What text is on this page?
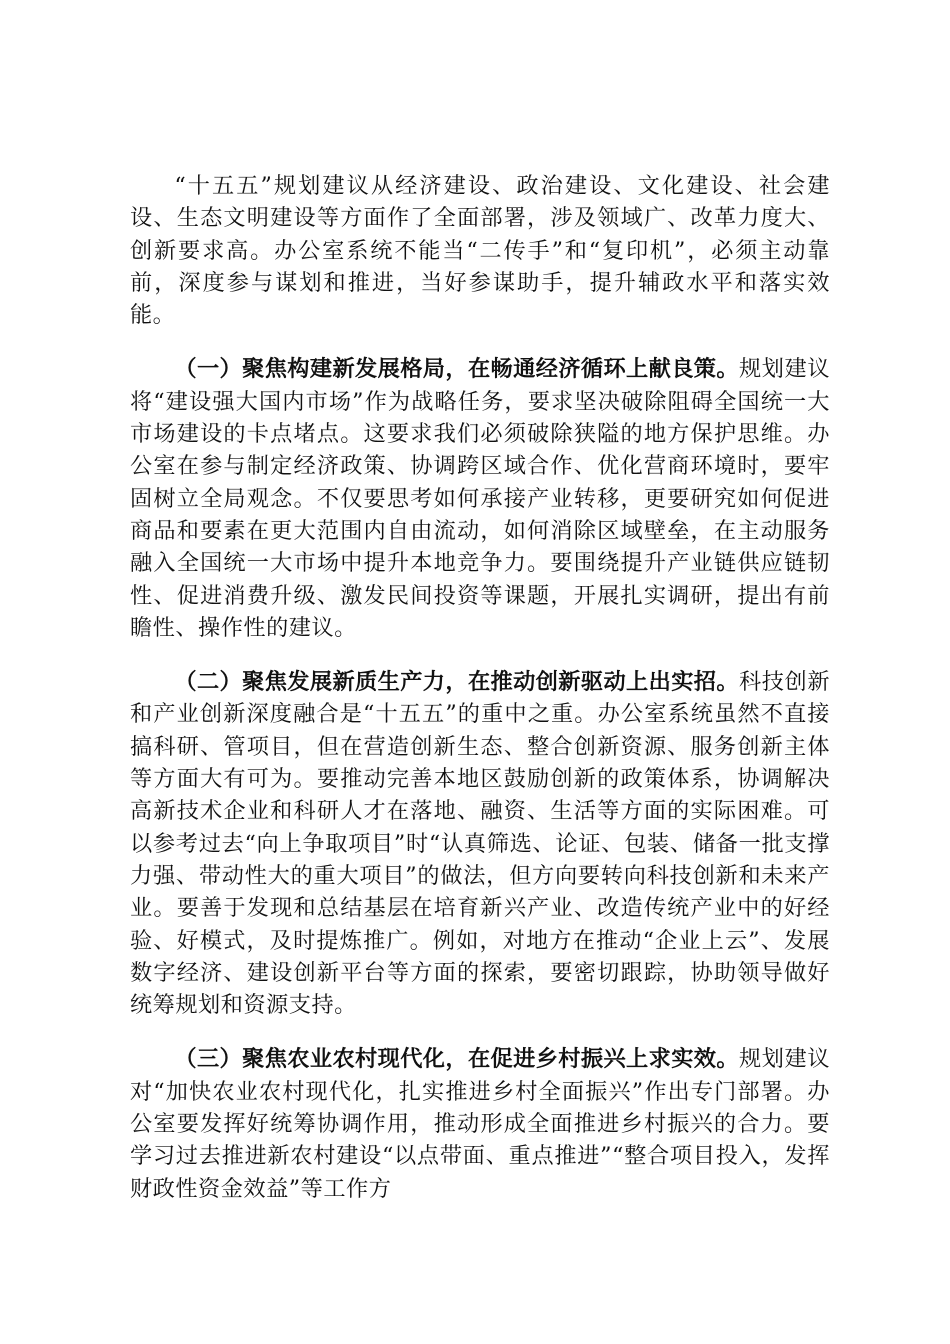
“十五五”规划建议从经济建设、政治建设、文化建设、社会建设、生态文明建设等方面作了全面部署，涉及领域广、改革力度大、创新要求高。办公室系统不能当“二传手”和“复印机”，必须主动靠前，深度参与谋划和推进，当好参谋助手，提升辅政水平和落实效能。

（一）聚焦构建新发展格局，在畅通经济循环上献良策。规划建议将“建设强大国内市场”作为战略任务，要求坚决破除阻碍全国统一大市场建设的卡点堵点。这要求我们必须破除狭隘的地方保护思维。办公室在参与制定经济政策、协调跨区域合作、优化营商环境时，要牢固树立全局观念。不仅要思考如何承接产业转移，更要研究如何促进商品和要素在更大范围内自由流动，如何消除区域壁垒，在主动服务融入全国统一大市场中提升本地竞争力。要围绕提升产业链供应链韧性、促进消费升级、激发民间投资等课题，开展扎实调研，提出有前瞻性、操作性的建议。

（二）聚焦发展新质生产力，在推动创新驱动上出实招。科技创新和产业创新深度融合是“十五五”的重中之重。办公室系统虽然不直接搞科研、管项目，但在营造创新生态、整合创新资源、服务创新主体等方面大有可为。要推动完善本地区鼓励创新的政策体系，协调解决高新技术企业和科研人才在落地、融资、生活等方面的实际困难。可以参考过去“向上争取项目”时“认真筛选、论证、包装、储备一批支撑力强、带动性大的重大项目”的做法，但方向要转向科技创新和未来产业。要善于发现和总结基层在培育新兴产业、改造传统产业中的好经验、好模式，及时提炼推广。例如，对地方在推动“企业上云”、发展数字经济、建设创新平台等方面的探索，要密切跟踪，协助领导做好统筹规划和资源支持。

（三）聚焦农业农村现代化，在促进乡村振兴上求实效。规划建议对“加快农业农村现代化，扎实推进乡村全面振兴”作出专门部署。办公室要发挥好统筹协调作用，推动形成全面推进乡村振兴的合力。要学习过去推进新农村建设“以点带面、重点推进”“整合项目投入，发挥财政性资金效益”等工作方
